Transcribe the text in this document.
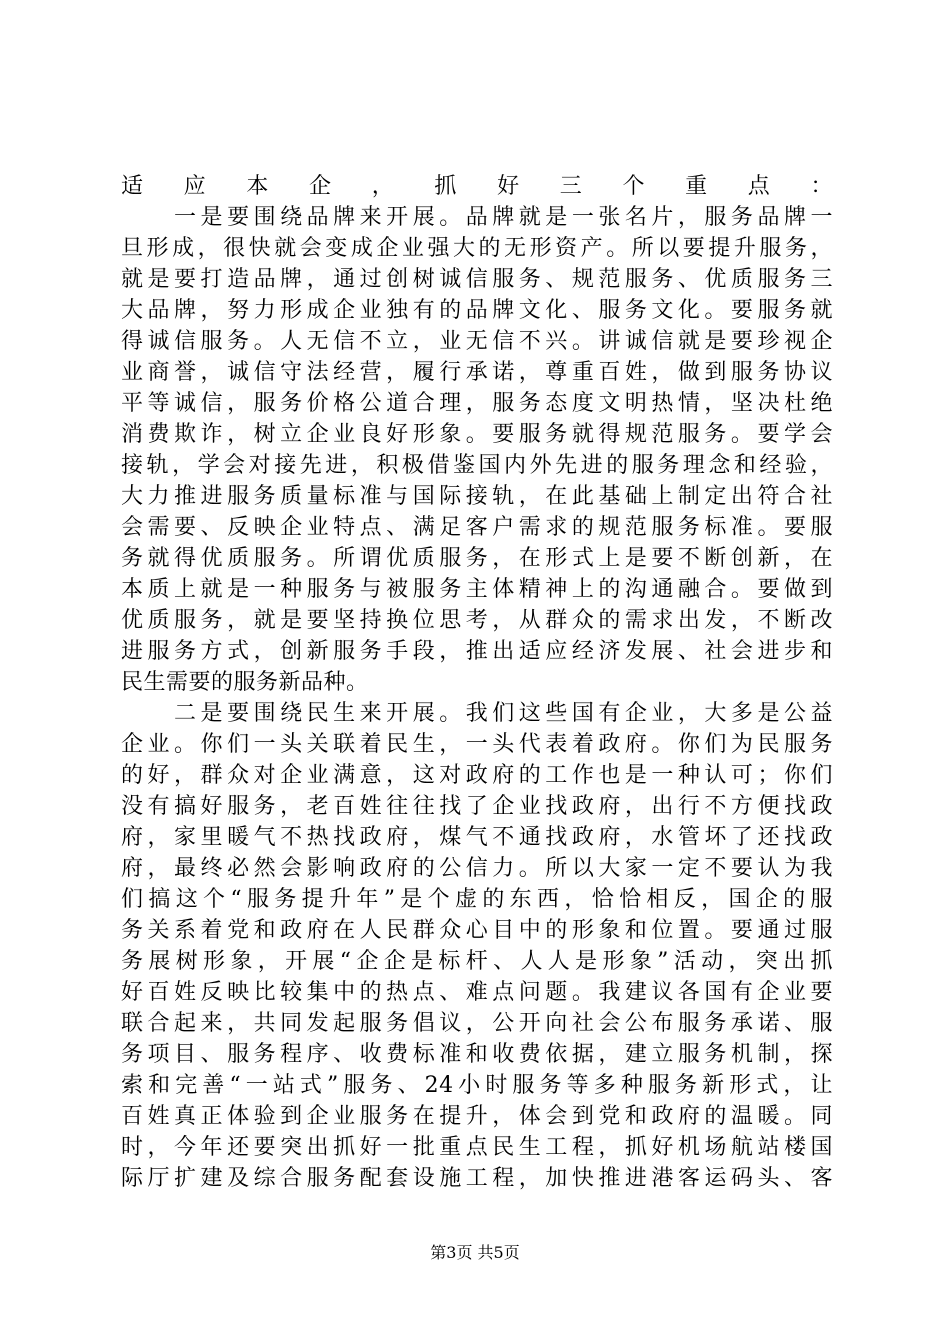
适应本企，抓好三个重点：
　　一是要围绕品牌来开展。品牌就是一张名片，服务品牌一
旦形成，很快就会变成企业强大的无形资产。所以要提升服务，
就是要打造品牌，通过创树诚信服务、规范服务、优质服务三
大品牌，努力形成企业独有的品牌文化、服务文化。要服务就
得诚信服务。人无信不立，业无信不兴。讲诚信就是要珍视企
业商誉，诚信守法经营，履行承诺，尊重百姓，做到服务协议
平等诚信，服务价格公道合理，服务态度文明热情，坚决杜绝
消费欺诈，树立企业良好形象。要服务就得规范服务。要学会
接轨，学会对接先进，积极借鉴国内外先进的服务理念和经验，
大力推进服务质量标准与国际接轨，在此基础上制定出符合社
会需要、反映企业特点、满足客户需求的规范服务标准。要服
务就得优质服务。所谓优质服务，在形式上是要不断创新，在
本质上就是一种服务与被服务主体精神上的沟通融合。要做到
优质服务，就是要坚持换位思考，从群众的需求出发，不断改
进服务方式，创新服务手段，推出适应经济发展、社会进步和
民生需要的服务新品种。
　　二是要围绕民生来开展。我们这些国有企业，大多是公益
企业。你们一头关联着民生，一头代表着政府。你们为民服务
的好，群众对企业满意，这对政府的工作也是一种认可；你们
没有搞好服务，老百姓往往找了企业找政府，出行不方便找政
府，家里暖气不热找政府，煤气不通找政府，水管坏了还找政
府，最终必然会影响政府的公信力。所以大家一定不要认为我
们搞这个“服务提升年”是个虚的东西，恰恰相反，国企的服
务关系着党和政府在人民群众心目中的形象和位置。要通过服
务展树形象，开展“企企是标杆、人人是形象”活动，突出抓
好百姓反映比较集中的热点、难点问题。我建议各国有企业要
联合起来，共同发起服务倡议，公开向社会公布服务承诺、服
务项目、服务程序、收费标准和收费依据，建立服务机制，探
索和完善“一站式”服务、24小时服务等多种服务新形式，让
百姓真正体验到企业服务在提升，体会到党和政府的温暖。同
时，今年还要突出抓好一批重点民生工程，抓好机场航站楼国
际厅扩建及综合服务配套设施工程，加快推进港客运码头、客
第3页 共5页
